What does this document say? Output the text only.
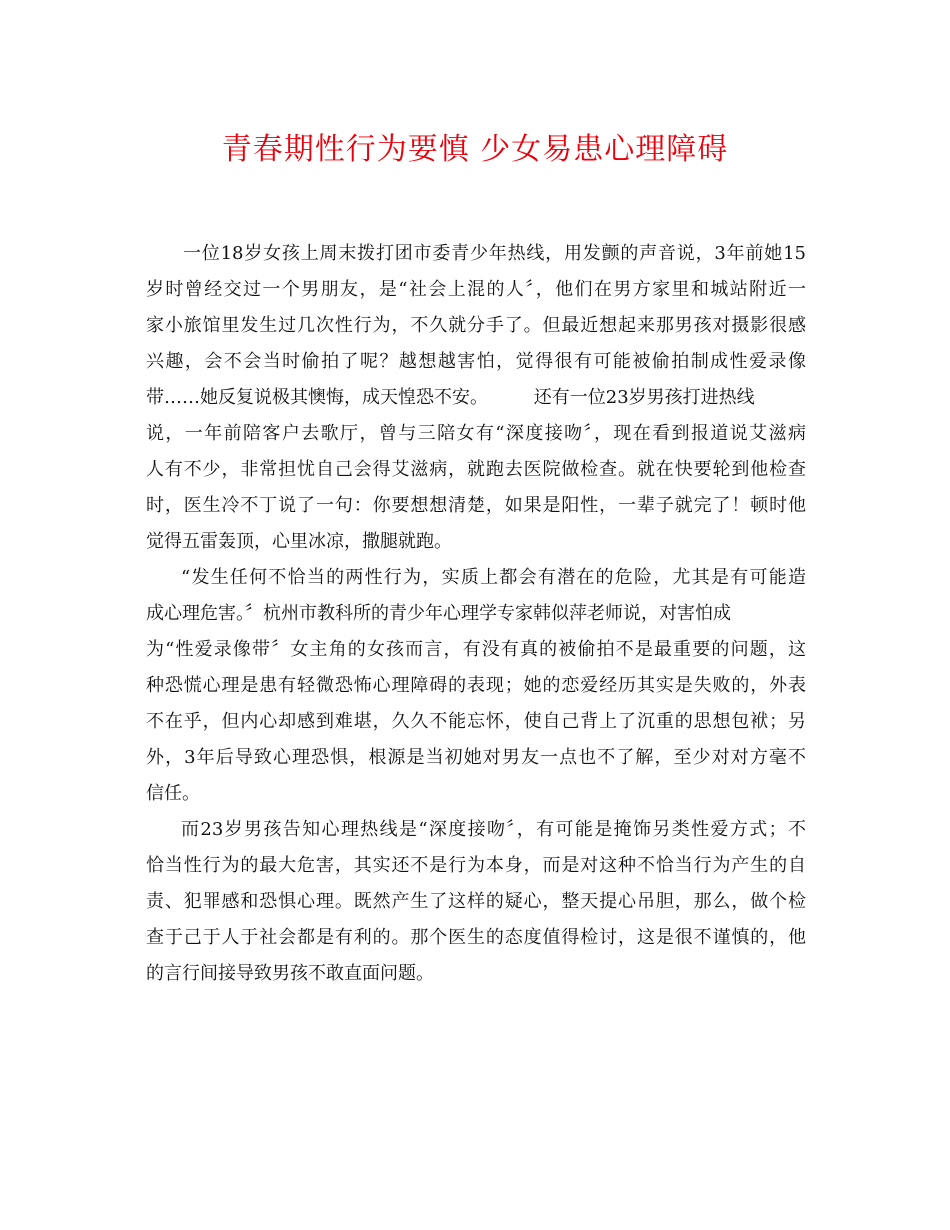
青春期性行为要慎 少女易患心理障碍
一位18岁女孩上周末拨打团市委青少年热线，用发颤的声音说，3年前她15
岁时曾经交过一个男朋友，是“社会上混的人〞，他们在男方家里和城站附近一
家小旅馆里发生过几次性行为，不久就分手了。但最近想起来那男孩对摄影很感
兴趣，会不会当时偷拍了呢？越想越害怕，觉得很有可能被偷拍制成性爱录像
带……她反复说极其懊悔，成天惶恐不安。        还有一位23岁男孩打进热线
说，一年前陪客户去歌厅，曾与三陪女有“深度接吻〞，现在看到报道说艾滋病
人有不少，非常担忧自己会得艾滋病，就跑去医院做检查。就在快要轮到他检查
时，医生冷不丁说了一句：你要想想清楚，如果是阳性，一辈子就完了！顿时他
觉得五雷轰顶，心里冰凉，撒腿就跑。
“发生任何不恰当的两性行为，实质上都会有潜在的危险，尤其是有可能造
成心理危害。〞杭州市教科所的青少年心理学专家韩似萍老师说，对害怕成
为“性爱录像带〞女主角的女孩而言，有没有真的被偷拍不是最重要的问题，这
种恐慌心理是患有轻微恐怖心理障碍的表现；她的恋爱经历其实是失败的，外表
不在乎，但内心却感到难堪，久久不能忘怀，使自己背上了沉重的思想包袱；另
外，3年后导致心理恐惧，根源是当初她对男友一点也不了解，至少对对方毫不
信任。
而23岁男孩告知心理热线是“深度接吻〞，有可能是掩饰另类性爱方式；不
恰当性行为的最大危害，其实还不是行为本身，而是对这种不恰当行为产生的自
责、犯罪感和恐惧心理。既然产生了这样的疑心，整天提心吊胆，那么，做个检
查于己于人于社会都是有利的。那个医生的态度值得检讨，这是很不谨慎的，他
的言行间接导致男孩不敢直面问题。
